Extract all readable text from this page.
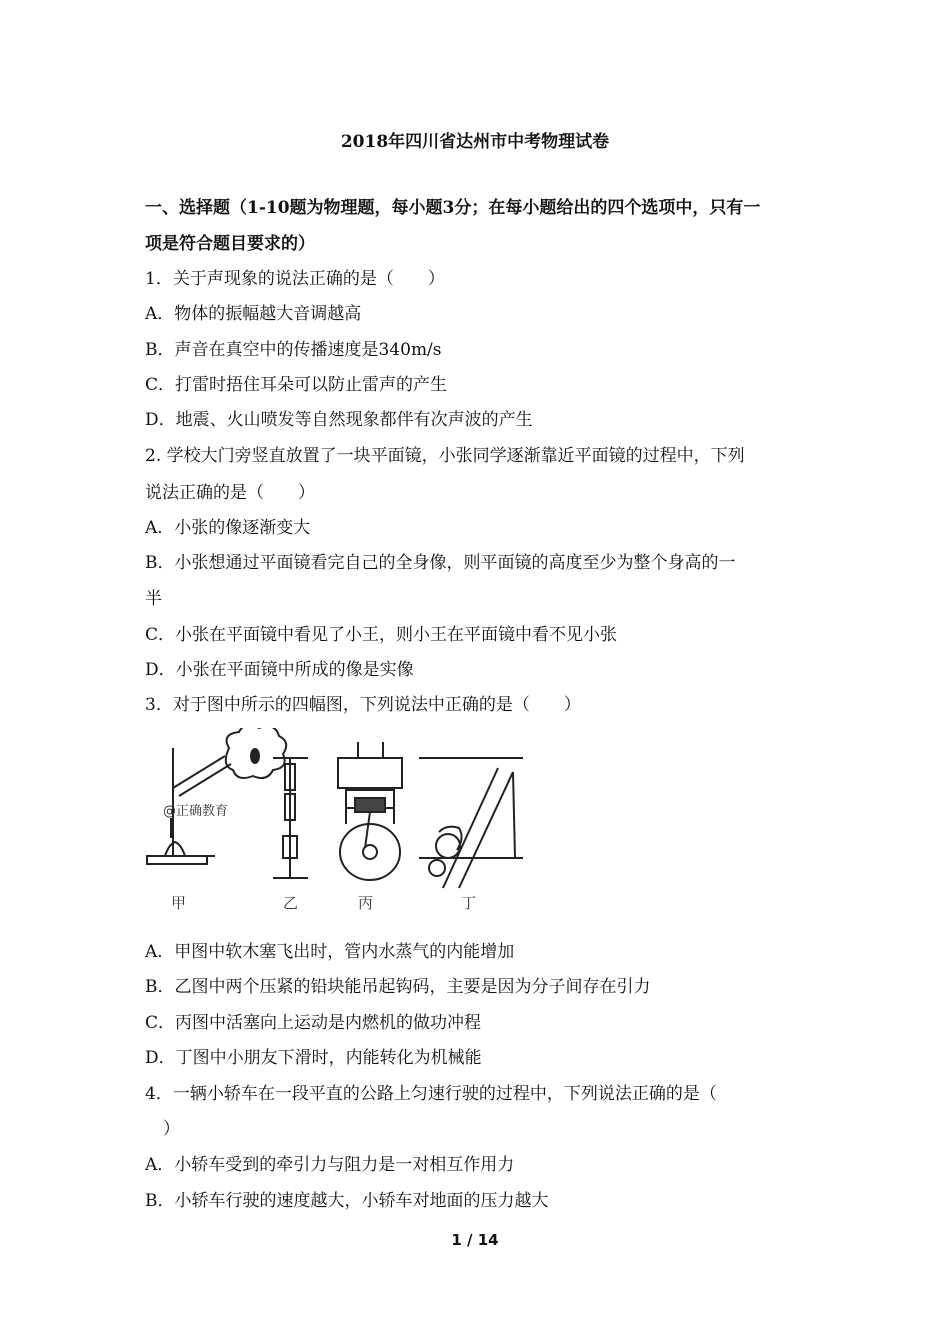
2018年四川省达州市中考物理试卷
一、选择题（1-10题为物理题，每小题3分；在每小题给出的四个选项中，只有一
项是符合题目要求的）
1．关于声现象的说法正确的是（　　）
A．物体的振幅越大音调越高
B．声音在真空中的传播速度是340m/s
C．打雷时捂住耳朵可以防止雷声的产生
D．地震、火山喷发等自然现象都伴有次声波的产生
2. 学校大门旁竖直放置了一块平面镜，小张同学逐渐靠近平面镜的过程中，下列
说法正确的是（　　）
A．小张的像逐渐变大
B．小张想通过平面镜看完自己的全身像，则平面镜的高度至少为整个身高的一
半
C．小张在平面镜中看见了小王，则小王在平面镜中看不见小张
D．小张在平面镜中所成的像是实像
3．对于图中所示的四幅图，下列说法中正确的是（　　）
甲	乙	丙	丁
@正确教育
A．甲图中软木塞飞出时，管内水蒸气的内能增加
B．乙图中两个压紧的铅块能吊起钩码，主要是因为分子间存在引力
C．丙图中活塞向上运动是内燃机的做功冲程
D．丁图中小朋友下滑时，内能转化为机械能
4．一辆小轿车在一段平直的公路上匀速行驶的过程中，下列说法正确的是（
）
A．小轿车受到的牵引力与阻力是一对相互作用力
B．小轿车行驶的速度越大，小轿车对地面的压力越大
1 / 14
